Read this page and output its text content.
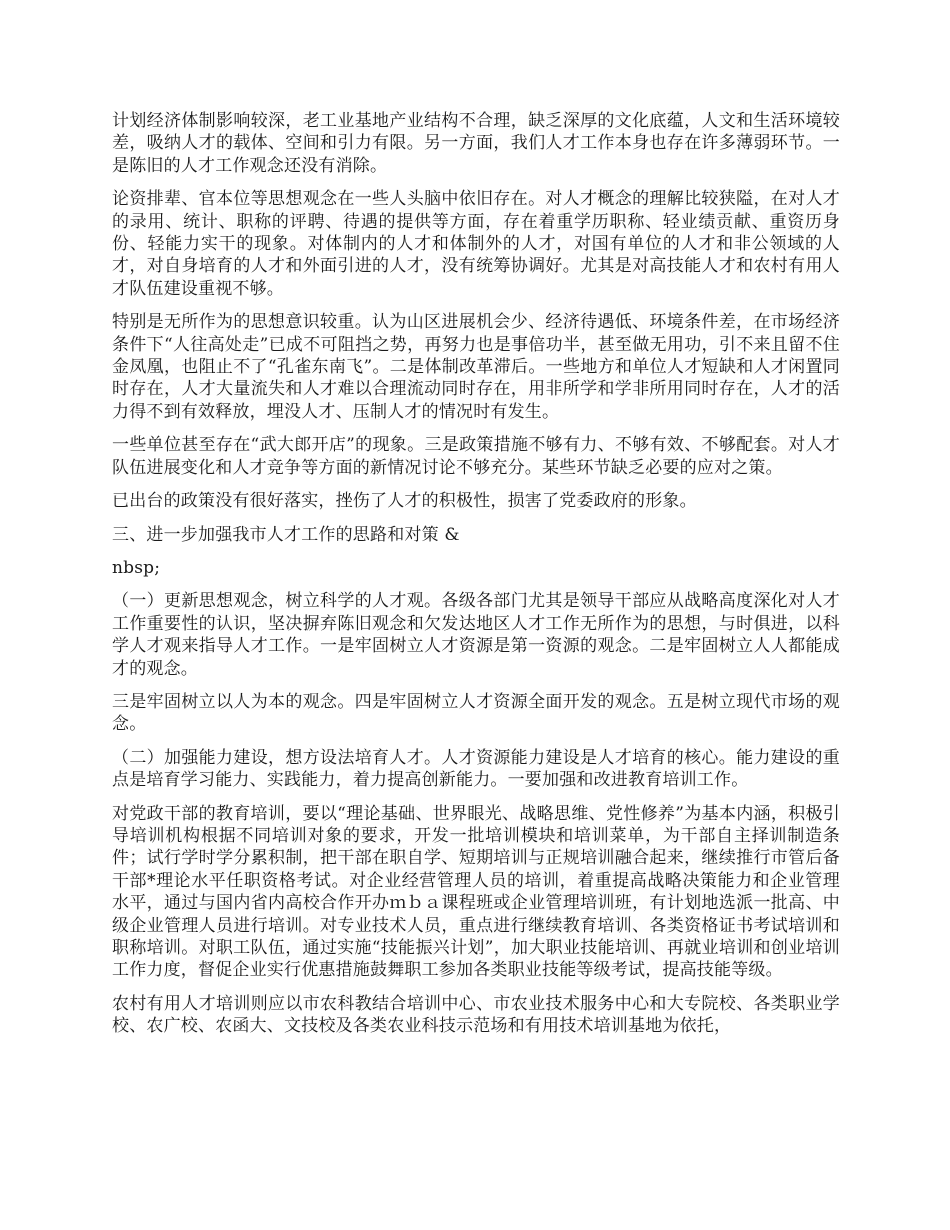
计划经济体制影响较深，老工业基地产业结构不合理，缺乏深厚的文化底蕴，人文和生活环境较差，吸纳人才的载体、空间和引力有限。另一方面，我们人才工作本身也存在许多薄弱环节。一是陈旧的人才工作观念还没有消除。

论资排辈、官本位等思想观念在一些人头脑中依旧存在。对人才概念的理解比较狭隘，在对人才的录用、统计、职称的评聘、待遇的提供等方面，存在着重学历职称、轻业绩贡献、重资历身份、轻能力实干的现象。对体制内的人才和体制外的人才，对国有单位的人才和非公领域的人才，对自身培育的人才和外面引进的人才，没有统筹协调好。尤其是对高技能人才和农村有用人才队伍建设重视不够。

特别是无所作为的思想意识较重。认为山区进展机会少、经济待遇低、环境条件差，在市场经济条件下“人往高处走”已成不可阻挡之势，再努力也是事倍功半，甚至做无用功，引不来且留不住金凤凰，也阻止不了“孔雀东南飞”。二是体制改革滞后。一些地方和单位人才短缺和人才闲置同时存在，人才大量流失和人才难以合理流动同时存在，用非所学和学非所用同时存在，人才的活力得不到有效释放，埋没人才、压制人才的情况时有发生。

一些单位甚至存在“武大郎开店”的现象。三是政策措施不够有力、不够有效、不够配套。对人才队伍进展变化和人才竞争等方面的新情况讨论不够充分。某些环节缺乏必要的应对之策。

已出台的政策没有很好落实，挫伤了人才的积极性，损害了党委政府的形象。

三、进一步加强我市人才工作的思路和对策 &

nbsp;

（一）更新思想观念，树立科学的人才观。各级各部门尤其是领导干部应从战略高度深化对人才工作重要性的认识，坚决摒弃陈旧观念和欠发达地区人才工作无所作为的思想，与时俱进，以科学人才观来指导人才工作。一是牢固树立人才资源是第一资源的观念。二是牢固树立人人都能成才的观念。

三是牢固树立以人为本的观念。四是牢固树立人才资源全面开发的观念。五是树立现代市场的观念。

（二）加强能力建设，想方设法培育人才。人才资源能力建设是人才培育的核心。能力建设的重点是培育学习能力、实践能力，着力提高创新能力。一要加强和改进教育培训工作。

对党政干部的教育培训，要以“理论基础、世界眼光、战略思维、党性修养”为基本内涵，积极引导培训机构根据不同培训对象的要求，开发一批培训模块和培训菜单，为干部自主择训制造条件；试行学时学分累积制，把干部在职自学、短期培训与正规培训融合起来，继续推行市管后备干部*理论水平任职资格考试。对企业经营管理人员的培训，着重提高战略决策能力和企业管理水平，通过与国内省内高校合作开办ｍｂａ课程班或企业管理培训班，有计划地选派一批高、中级企业管理人员进行培训。对专业技术人员，重点进行继续教育培训、各类资格证书考试培训和职称培训。对职工队伍，通过实施“技能振兴计划”，加大职业技能培训、再就业培训和创业培训工作力度，督促企业实行优惠措施鼓舞职工参加各类职业技能等级考试，提高技能等级。

农村有用人才培训则应以市农科教结合培训中心、市农业技术服务中心和大专院校、各类职业学校、农广校、农函大、文技校及各类农业科技示范场和有用技术培训基地为依托，
